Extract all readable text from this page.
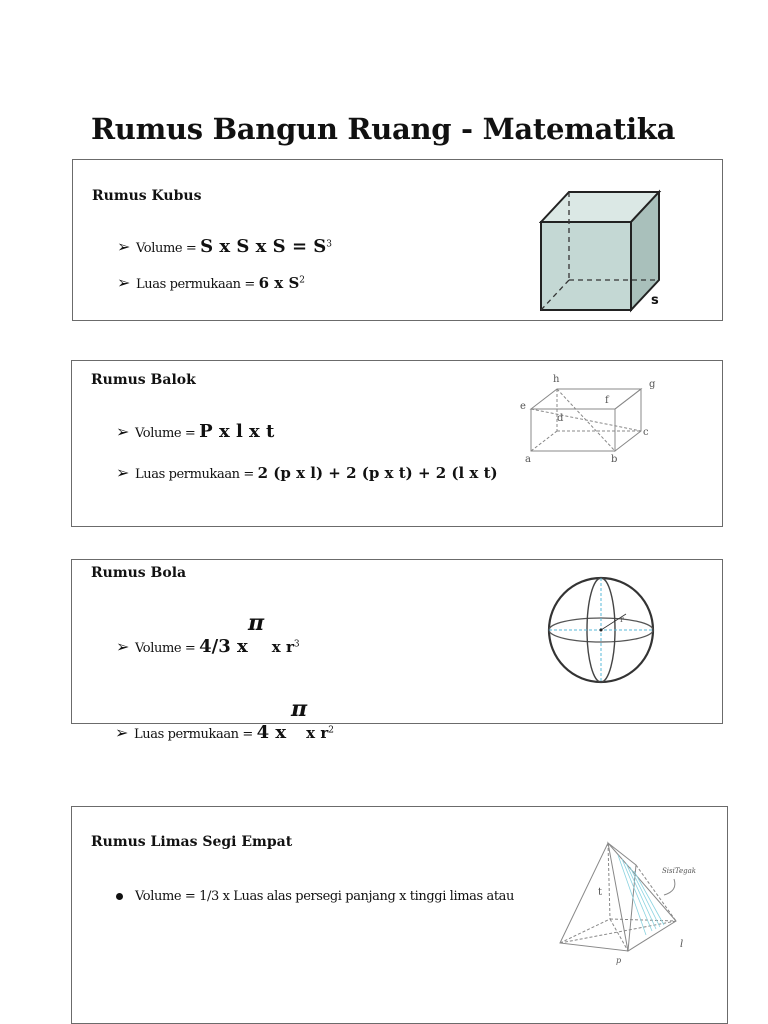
Rumus Bangun Ruang - Matematika
Rumus Kubus
➢ Volume = S x S x $S = S^3$
➢ Luas permukaan = 6 x $S^2$
s
Rumus Balok
➢ Volume = P x l x t
➢ Luas permukaan = 2 (p x l) + 2 (p x t) + 2 (l x t)
h	g
e
f
d
c
a	b
Rumus Bola
π
➢ Volume = 4/3 x x $r^3$
r
π
➢ Luas permukaan = 4 x x $r^2$
Rumus Limas Segi Empat
Volume = 1/3 x Luas alas persegi panjang x tinggi limas atau
SisiTegak
t
l
p
